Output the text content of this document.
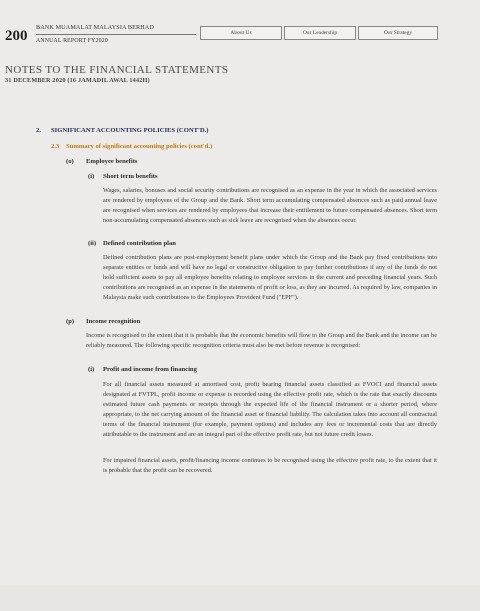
200
BANK MUAMALAT MALAYSIA BERHAD
ANNUAL REPORT FY2020
About Us	Our Leadership	Our Strategy
NOTES TO THE FINANCIAL STATEMENTS
31 DECEMBER 2020 (16 JAMADIL AWAL 1442H)
2. SIGNIFICANT ACCOUNTING POLICIES (CONT'D.)
2.3 Summary of significant accounting policies (cont'd.)
(o) Employee benefits
(i) Short term benefits
Wages, salaries, bonuses and social security contributions are recognised as an expense in the year in which the associated services are rendered by employees of the Group and the Bank. Short term accumulating compensated absences such as paid annual leave are recognised when services are rendered by employees that increase their entitlement to future compensated absences. Short term non-accumulating compensated absences such as sick leave are recognised when the absences occur.
(ii) Defined contribution plan
Defined contribution plans are post-employment benefit plans under which the Group and the Bank pay fixed contributions into separate entities or funds and will have no legal or constructive obligation to pay further contributions if any of the funds do not hold sufficient assets to pay all employee benefits relating to employee services in the current and preceding financial years. Such contributions are recognised as an expense in the statements of profit or loss, as they are incurred. As required by law, companies in Malaysia make such contributions to the Employees Provident Fund ("EPF").
(p) Income recognition
Income is recognised to the extent that it is probable that the economic benefits will flow to the Group and the Bank and the income can be reliably measured. The following specific recognition criteria must also be met before revenue is recognised:
(i) Profit and income from financing
For all financial assets measured at amortised cost, profit bearing financial assets classified as FVOCI and financial assets designated at FVTPL, profit income or expense is recorded using the effective profit rate, which is the rate that exactly discounts estimated future cash payments or receipts through the expected life of the financial instrument or a shorter period, where appropriate, to the net carrying amount of the financial asset or financial liability. The calculation takes into account all contractual terms of the financial instrument (for example, payment options) and includes any fees or incremental costs that are directly attributable to the instrument and are an integral part of the effective profit rate, but not future credit losses.
For impaired financial assets, profit/financing income continues to be recognised using the effective profit rate, to the extent that it is probable that the profit can be recovered.
